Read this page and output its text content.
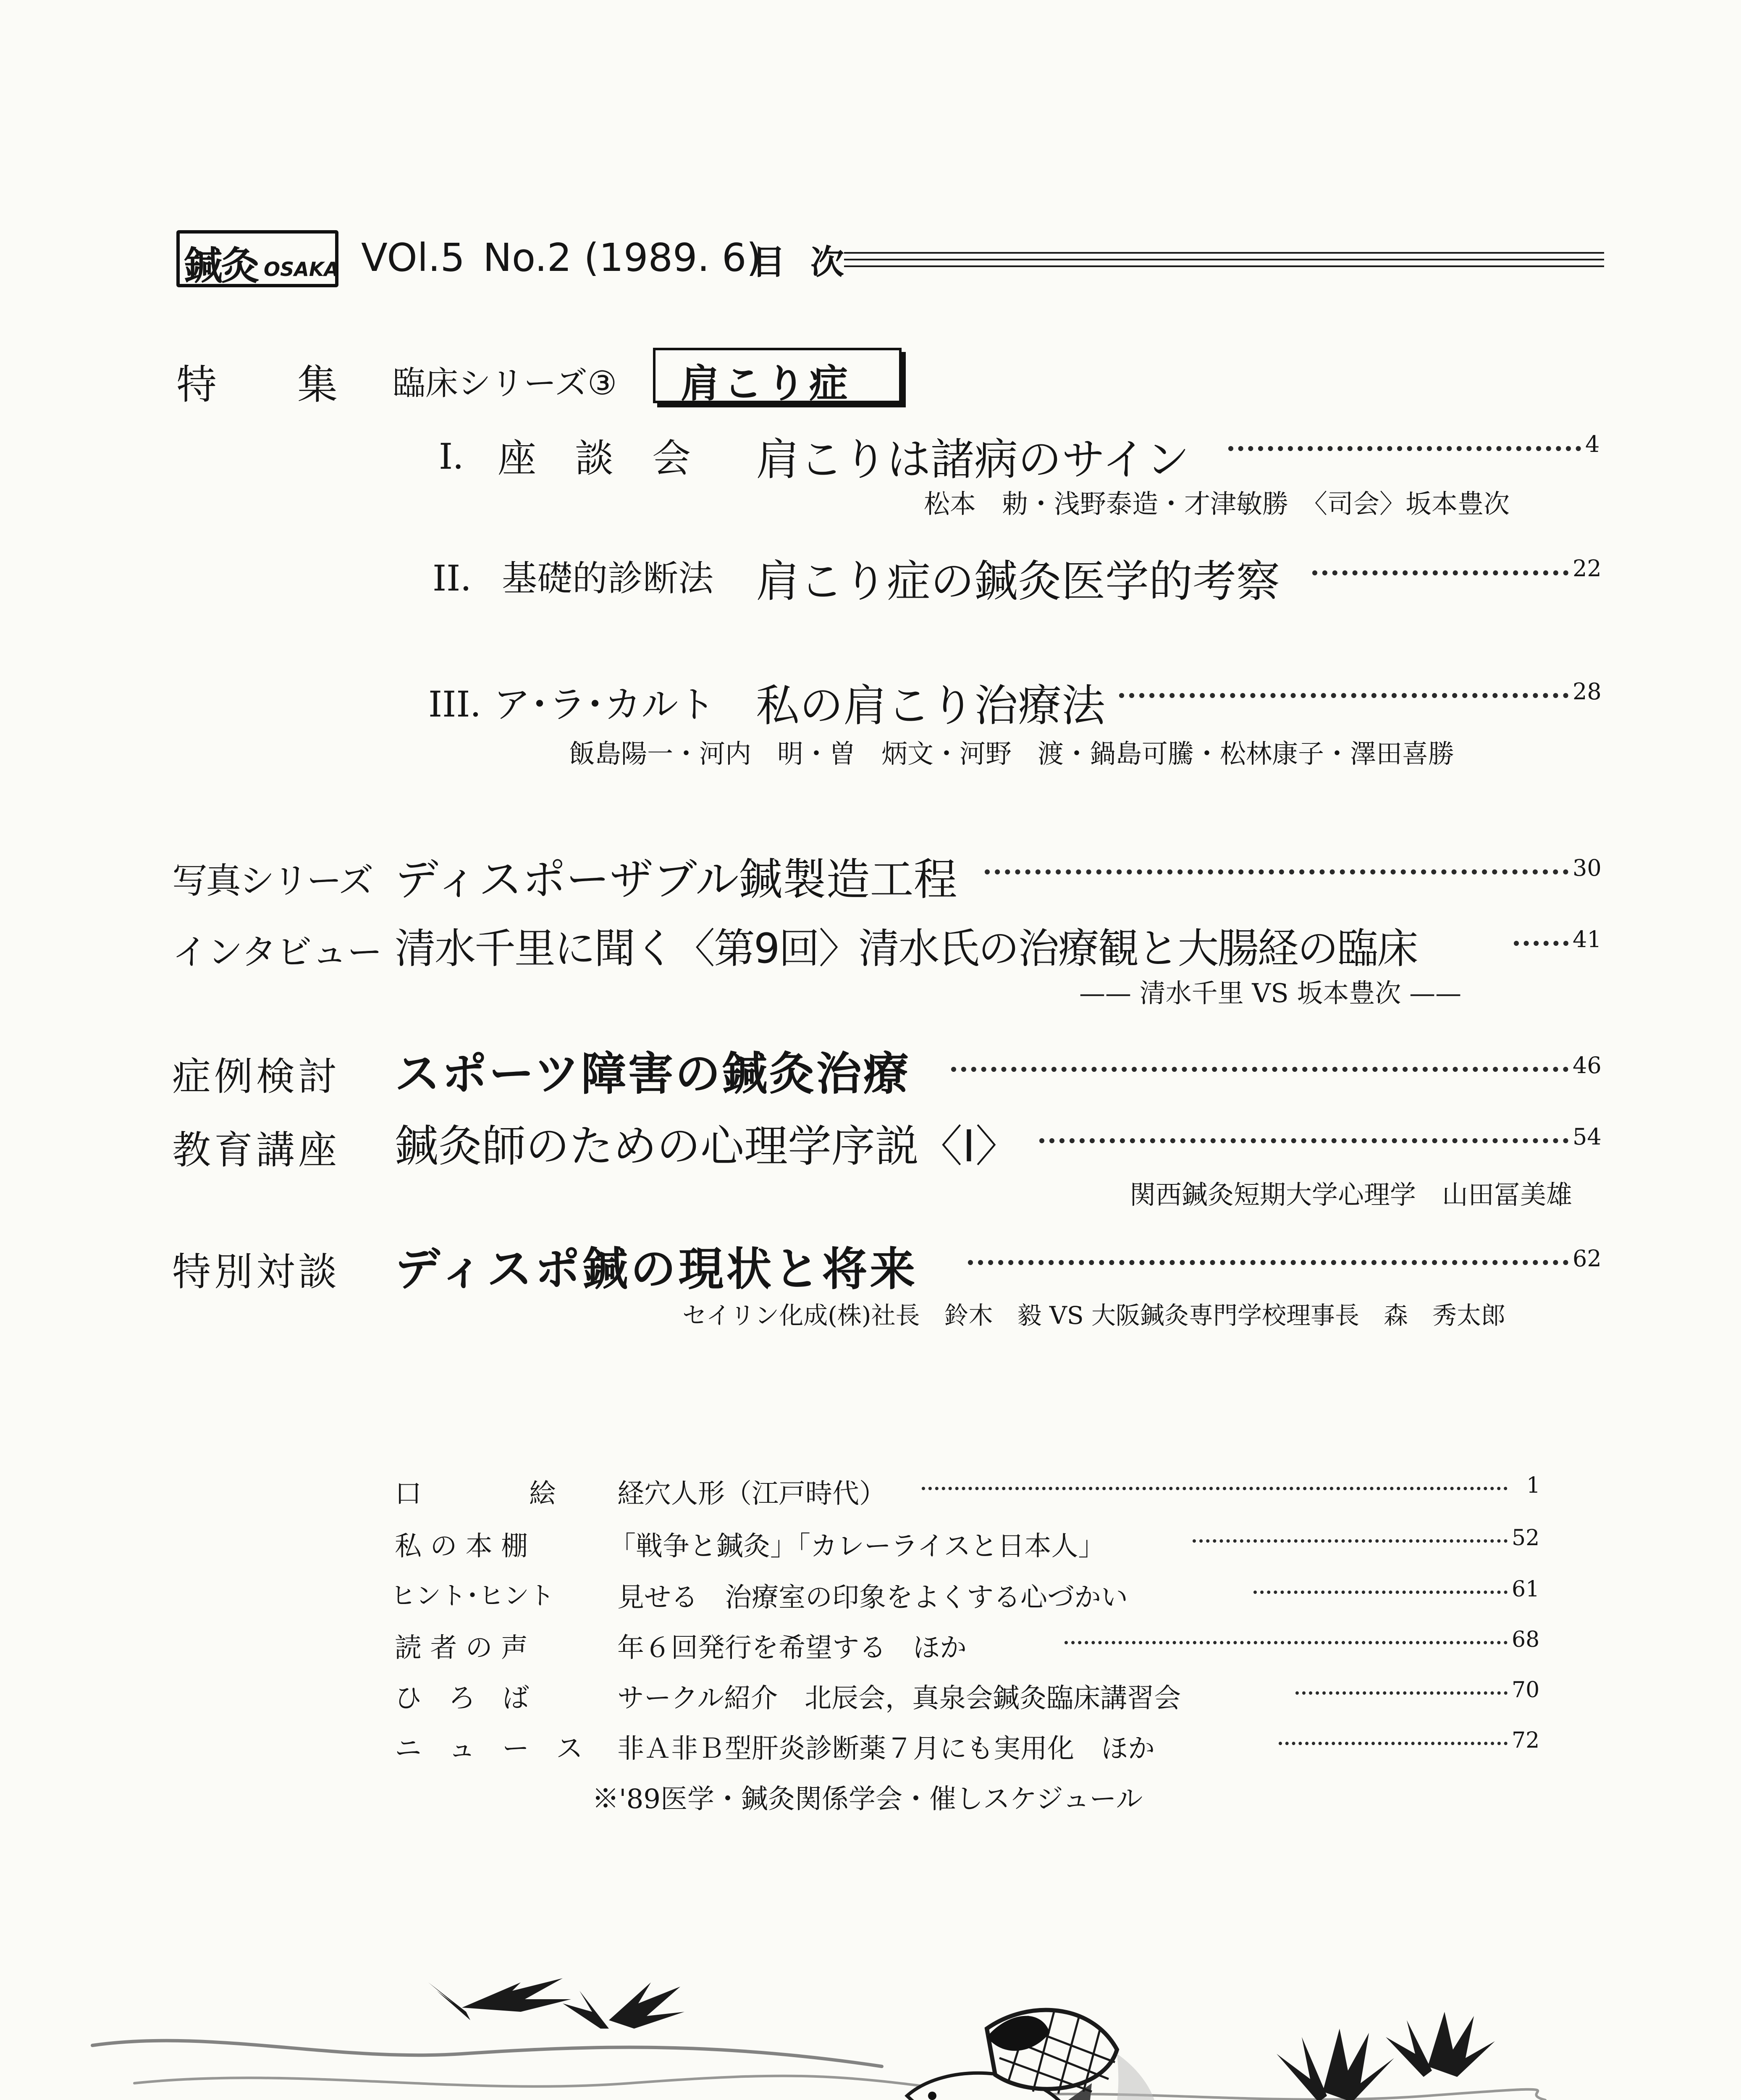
鍼灸 OSAKA VOl.5 No.2 (1989. 6)
目　次
特　　集 臨床シリーズ③ 肩こり症
I． 座　談　会 肩こりは諸病のサイン	4
松本　勅・浅野泰造・才津敏勝　〈司会〉坂本豊次
II． 基礎的診断法 肩こり症の鍼灸医学的考察	22
III．
ア･ラ･カルト 私の肩こり治療法	28
飯島陽一・河内　明・曽　炳文・河野　渡・鍋島可騰・松林康子・澤田喜勝
写真シリーズ ディスポーザブル鍼製造工程	30
インタビュー 清水千里に聞く〈第9回〉清水氏の治療観と大腸経の臨床	41
—— 清水千里 VS 坂本豊次 ——
症例検討 スポーツ障害の鍼灸治療	46
教育講座 鍼灸師のための心理学序説〈I〉	54
関西鍼灸短期大学心理学　山田冨美雄
特別対談 ディスポ鍼の現状と将来	62
セイリン化成(株)社長　鈴木　毅 VS 大阪鍼灸専門学校理事長　森　秀太郎
口　　　　絵 経穴人形（江戸時代）	1
私 の 本 棚	「戦争と鍼灸」「カレーライスと日本人」	52
ヒント･ヒント 見せる　治療室の印象をよくする心づかい	61
読 者 の 声	年６回発行を希望する　ほか	68
ひ　ろ　ば	サークル紹介　北辰会，真泉会鍼灸臨床講習会	70
ニ　ュ　ー　ス 非Ａ非Ｂ型肝炎診断薬７月にも実用化　ほか	72
※'89医学・鍼灸関係学会・催しスケジュール
